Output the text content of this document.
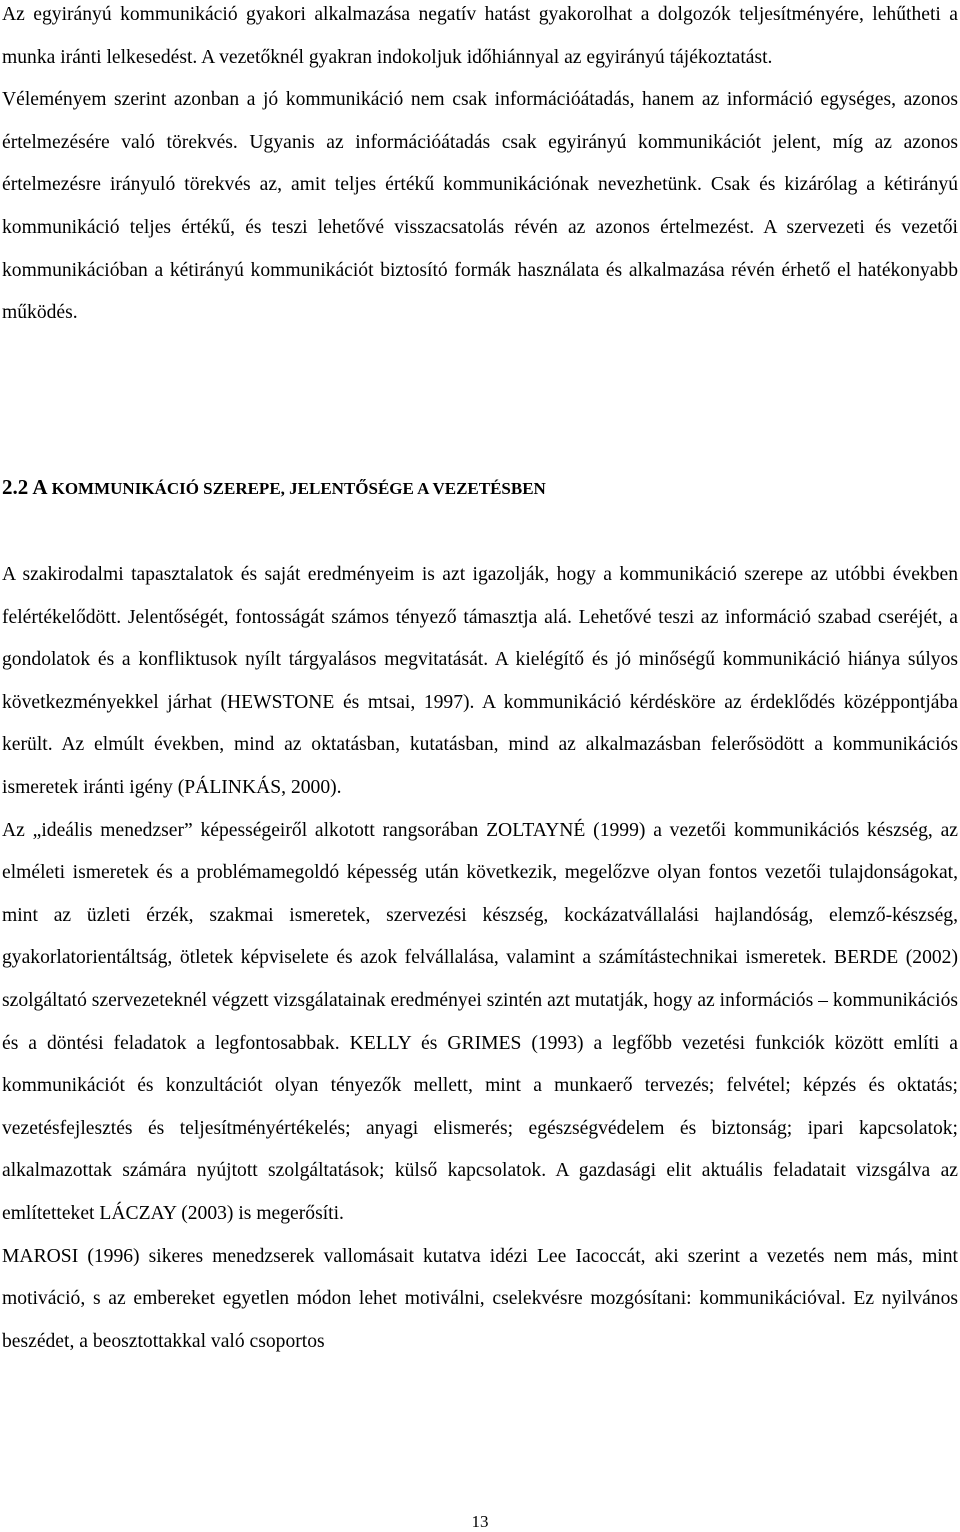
Az egyirányú kommunikáció gyakori alkalmazása negatív hatást gyakorolhat a dolgozók teljesítményére, lehűtheti a munka iránti lelkesedést. A vezetőknél gyakran indokoljuk időhiánnyal az egyirányú tájékoztatást.
Véleményem szerint azonban a jó kommunikáció nem csak információátadás, hanem az információ egységes, azonos értelmezésére való törekvés. Ugyanis az információátadás csak egyirányú kommunikációt jelent, míg az azonos értelmezésre irányuló törekvés az, amit teljes értékű kommunikációnak nevezhetünk. Csak és kizárólag a kétirányú kommunikáció teljes értékű, és teszi lehetővé visszacsatolás révén az azonos értelmezést. A szervezeti és vezetői kommunikációban a kétirányú kommunikációt biztosító formák használata és alkalmazása révén érhető el hatékonyabb működés.
2.2 A KOMMUNIKÁCIÓ SZEREPE, JELENTŐSÉGE A VEZETÉSBEN
A szakirodalmi tapasztalatok és saját eredményeim is azt igazolják, hogy a kommunikáció szerepe az utóbbi években felértékelődött. Jelentőségét, fontosságát számos tényező támasztja alá. Lehetővé teszi az információ szabad cseréjét, a gondolatok és a konfliktusok nyílt tárgyalásos megvitatását. A kielégítő és jó minőségű kommunikáció hiánya súlyos következményekkel járhat (HEWSTONE és mtsai, 1997). A kommunikáció kérdésköre az érdeklődés középpontjába került. Az elmúlt években, mind az oktatásban, kutatásban, mind az alkalmazásban felerősödött a kommunikációs ismeretek iránti igény (PÁLINKÁS, 2000).
Az „ideális menedzser” képességeiről alkotott rangsorában ZOLTAYNÉ (1999) a vezetői kommunikációs készség, az elméleti ismeretek és a problémamegoldó képesség után következik, megelőzve olyan fontos vezetői tulajdonságokat, mint az üzleti érzék, szakmai ismeretek, szervezési készség, kockázatvállalási hajlandóság, elemző-készség, gyakorlatorientáltság, ötletek képviselete és azok felvállalása, valamint a számítástechnikai ismeretek. BERDE (2002) szolgáltató szervezeteknél végzett vizsgálatainak eredményei szintén azt mutatják, hogy az információs – kommunikációs és a döntési feladatok a legfontosabbak. KELLY és GRIMES (1993) a legfőbb vezetési funkciók között említi a kommunikációt és konzultációt olyan tényezők mellett, mint a munkaerő tervezés; felvétel; képzés és oktatás; vezetésfejlesztés és teljesítményértékelés; anyagi elismerés; egészségvédelem és biztonság; ipari kapcsolatok; alkalmazottak számára nyújtott szolgáltatások; külső kapcsolatok. A gazdasági elit aktuális feladatait vizsgálva az említetteket LÁCZAY (2003) is megerősíti.
MAROSI (1996) sikeres menedzserek vallomásait kutatva idézi Lee Iacoccát, aki szerint a vezetés nem más, mint motiváció, s az embereket egyetlen módon lehet motiválni, cselekvésre mozgósítani: kommunikációval. Ez nyilvános beszédet, a beosztottakkal való csoportos
13
